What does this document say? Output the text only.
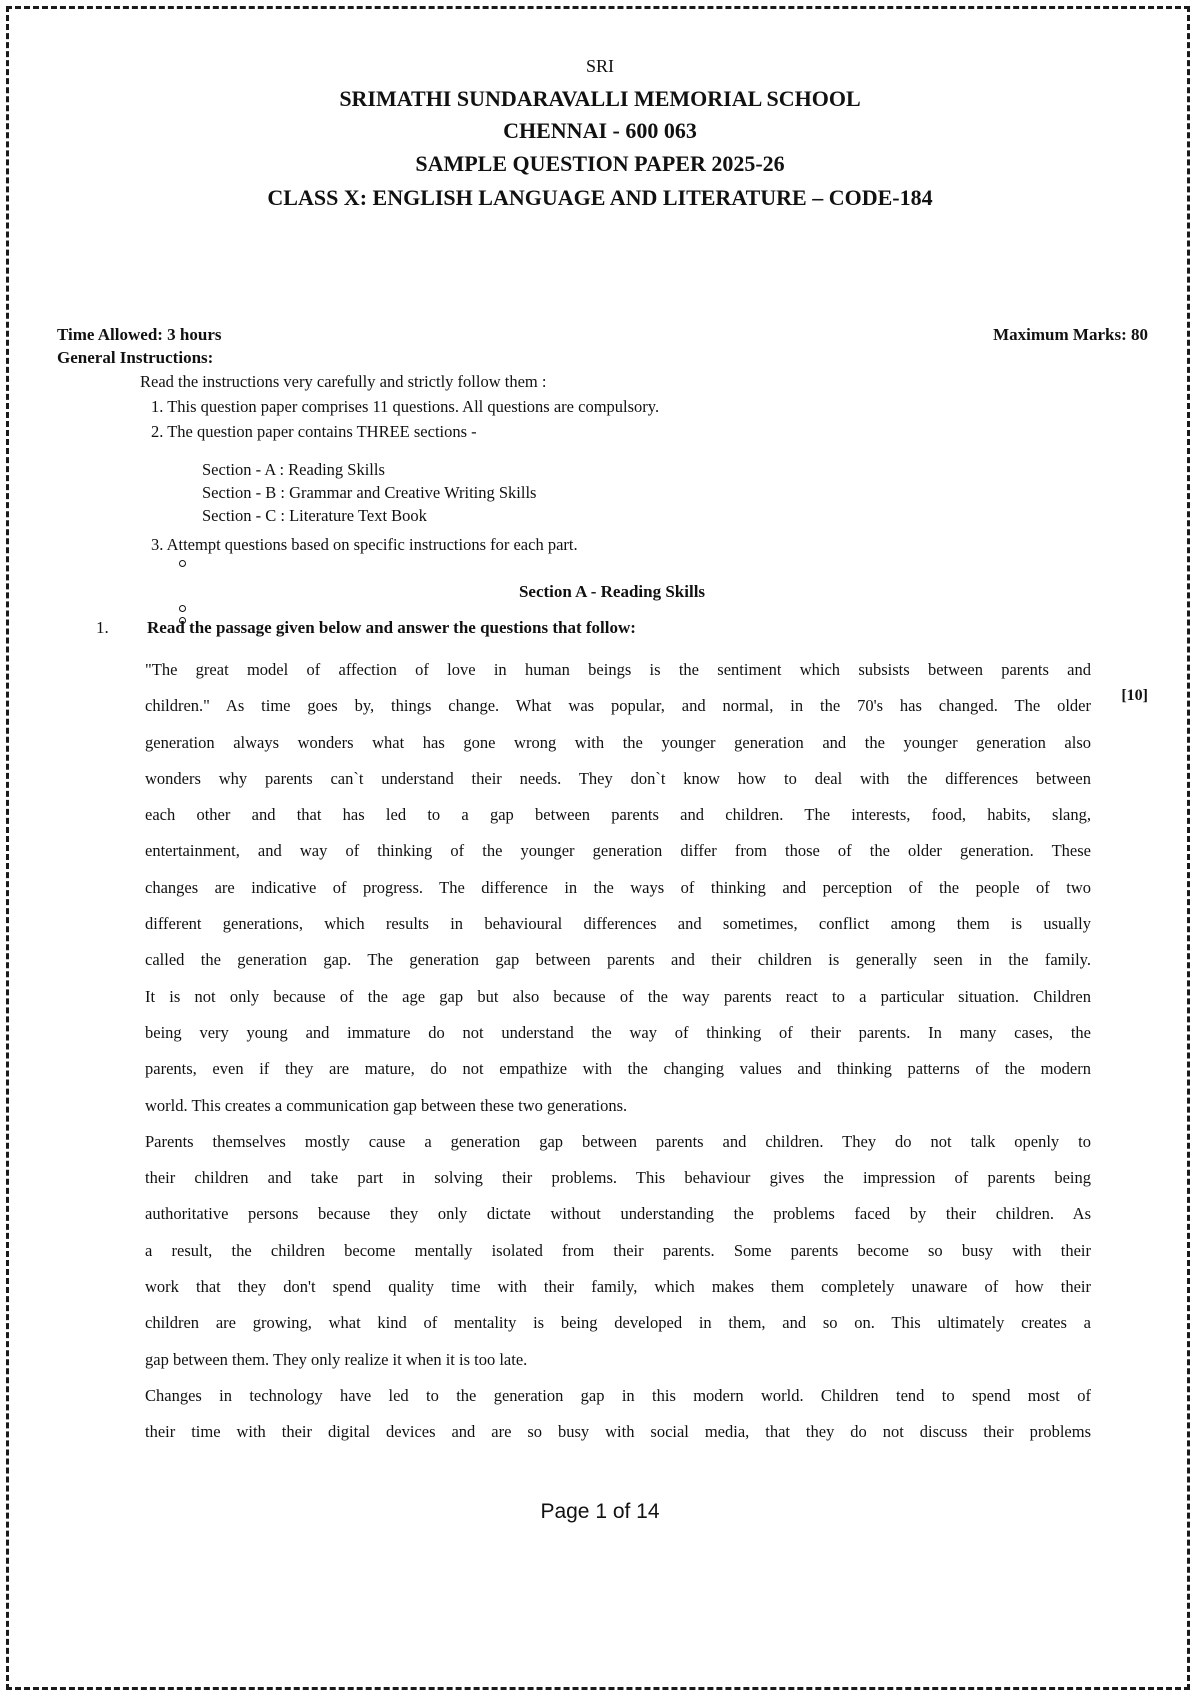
SRI
SRIMATHI SUNDARAVALLI MEMORIAL SCHOOL
CHENNAI - 600 063
SAMPLE QUESTION PAPER 2025-26
CLASS X: ENGLISH LANGUAGE AND LITERATURE – CODE-184
Time Allowed: 3 hours	Maximum Marks: 80
General Instructions:
Read the instructions very carefully and strictly follow them :
1. This question paper comprises 11 questions. All questions are compulsory.
2. The question paper contains THREE sections -
Section - A : Reading Skills
Section - B : Grammar and Creative Writing Skills
Section - C : Literature Text Book
3. Attempt questions based on specific instructions for each part.
Section A - Reading Skills
1. Read the passage given below and answer the questions that follow:
[10]

"The great model of affection of love in human beings is the sentiment which subsists between parents and
children." As time goes by, things change. What was popular, and normal, in the 70's has changed. The older
generation always wonders what has gone wrong with the younger generation and the younger generation also
wonders why parents can`t understand their needs. They don`t know how to deal with the differences between
each other and that has led to a gap between parents and children. The interests, food, habits, slang,
entertainment, and way of thinking of the younger generation differ from those of the older generation. These
changes are indicative of progress. The difference in the ways of thinking and perception of the people of two
different generations, which results in behavioural differences and sometimes, conflict among them is usually
called the generation gap. The generation gap between parents and their children is generally seen in the family.
It is not only because of the age gap but also because of the way parents react to a particular situation. Children
being very young and immature do not understand the way of thinking of their parents. In many cases, the
parents, even if they are mature, do not empathize with the changing values and thinking patterns of the modern
world. This creates a communication gap between these two generations.

Parents themselves mostly cause a generation gap between parents and children. They do not talk openly to
their children and take part in solving their problems. This behaviour gives the impression of parents being
authoritative persons because they only dictate without understanding the problems faced by their children. As
a result, the children become mentally isolated from their parents. Some parents become so busy with their
work that they don't spend quality time with their family, which makes them completely unaware of how their
children are growing, what kind of mentality is being developed in them, and so on. This ultimately creates a
gap between them. They only realize it when it is too late.

Changes in technology have led to the generation gap in this modern world. Children tend to spend most of
their time with their digital devices and are so busy with social media, that they do not discuss their problems

Page 1 of 14
